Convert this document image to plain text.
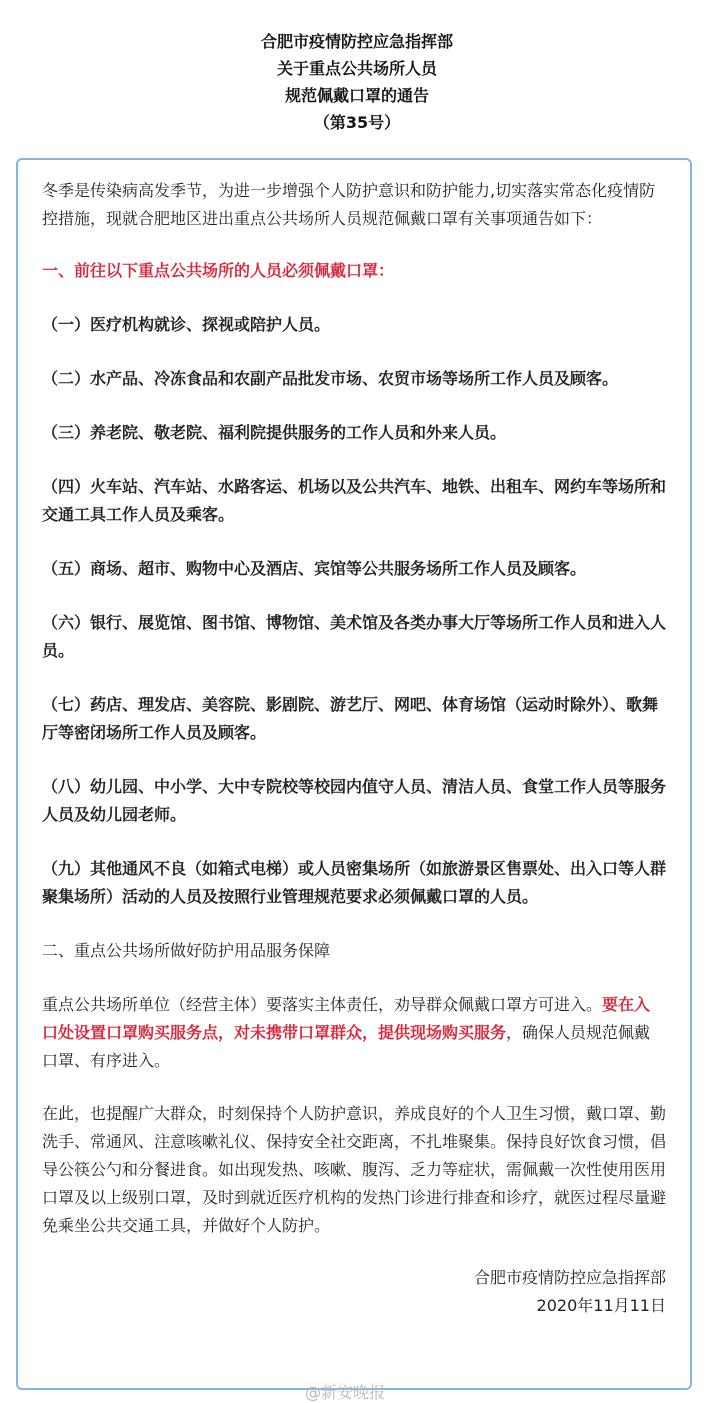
合肥市疫情防控应急指挥部
关于重点公共场所人员
规范佩戴口罩的通告
（第35号）

冬季是传染病高发季节，为进一步增强个人防护意识和防护能力,切实落实常态化疫情防控措施，现就合肥地区进出重点公共场所人员规范佩戴口罩有关事项通告如下：

一、前往以下重点公共场所的人员必须佩戴口罩：

（一）医疗机构就诊、探视或陪护人员。

（二）水产品、冷冻食品和农副产品批发市场、农贸市场等场所工作人员及顾客。

（三）养老院、敬老院、福利院提供服务的工作人员和外来人员。

（四）火车站、汽车站、水路客运、机场以及公共汽车、地铁、出租车、网约车等场所和交通工具工作人员及乘客。

（五）商场、超市、购物中心及酒店、宾馆等公共服务场所工作人员及顾客。

（六）银行、展览馆、图书馆、博物馆、美术馆及各类办事大厅等场所工作人员和进入人员。

（七）药店、理发店、美容院、影剧院、游艺厅、网吧、体育场馆（运动时除外）、歌舞厅等密闭场所工作人员及顾客。

（八）幼儿园、中小学、大中专院校等校园内值守人员、清洁人员、食堂工作人员等服务人员及幼儿园老师。

（九）其他通风不良（如箱式电梯）或人员密集场所（如旅游景区售票处、出入口等人群聚集场所）活动的人员及按照行业管理规范要求必须佩戴口罩的人员。

二、重点公共场所做好防护用品服务保障

重点公共场所单位（经营主体）要落实主体责任，劝导群众佩戴口罩方可进入。要在入口处设置口罩购买服务点，对未携带口罩群众，提供现场购买服务，确保人员规范佩戴口罩、有序进入。

在此，也提醒广大群众，时刻保持个人防护意识，养成良好的个人卫生习惯，戴口罩、勤洗手、常通风、注意咳嗽礼仪、保持安全社交距离，不扎堆聚集。保持良好饮食习惯，倡导公筷公勺和分餐进食。如出现发热、咳嗽、腹泻、乏力等症状，需佩戴一次性使用医用口罩及以上级别口罩，及时到就近医疗机构的发热门诊进行排查和诊疗，就医过程尽量避免乘坐公共交通工具，并做好个人防护。

合肥市疫情防控应急指挥部
2020年11月11日
@新安晚报
